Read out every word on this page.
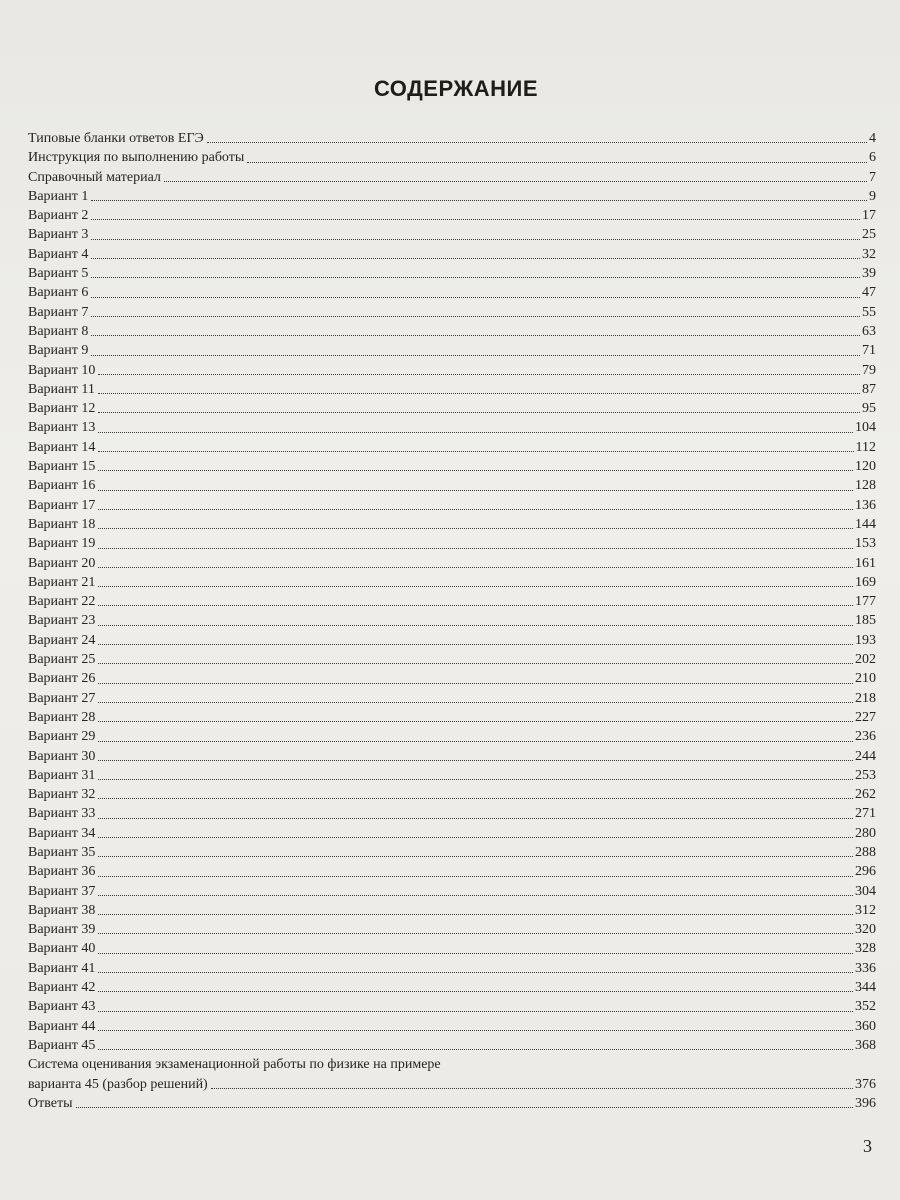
СОДЕРЖАНИЕ
Типовые бланки ответов ЕГЭ	4
Инструкция по выполнению работы	6
Справочный материал	7
Вариант 1	9
Вариант 2	17
Вариант 3	25
Вариант 4	32
Вариант 5	39
Вариант 6	47
Вариант 7	55
Вариант 8	63
Вариант 9	71
Вариант 10	79
Вариант 11	87
Вариант 12	95
Вариант 13	104
Вариант 14	112
Вариант 15	120
Вариант 16	128
Вариант 17	136
Вариант 18	144
Вариант 19	153
Вариант 20	161
Вариант 21	169
Вариант 22	177
Вариант 23	185
Вариант 24	193
Вариант 25	202
Вариант 26	210
Вариант 27	218
Вариант 28	227
Вариант 29	236
Вариант 30	244
Вариант 31	253
Вариант 32	262
Вариант 33	271
Вариант 34	280
Вариант 35	288
Вариант 36	296
Вариант 37	304
Вариант 38	312
Вариант 39	320
Вариант 40	328
Вариант 41	336
Вариант 42	344
Вариант 43	352
Вариант 44	360
Вариант 45	368
Система оценивания экзаменационной работы по физике на примере
варианта 45 (разбор решений)	376
Ответы	396
3
